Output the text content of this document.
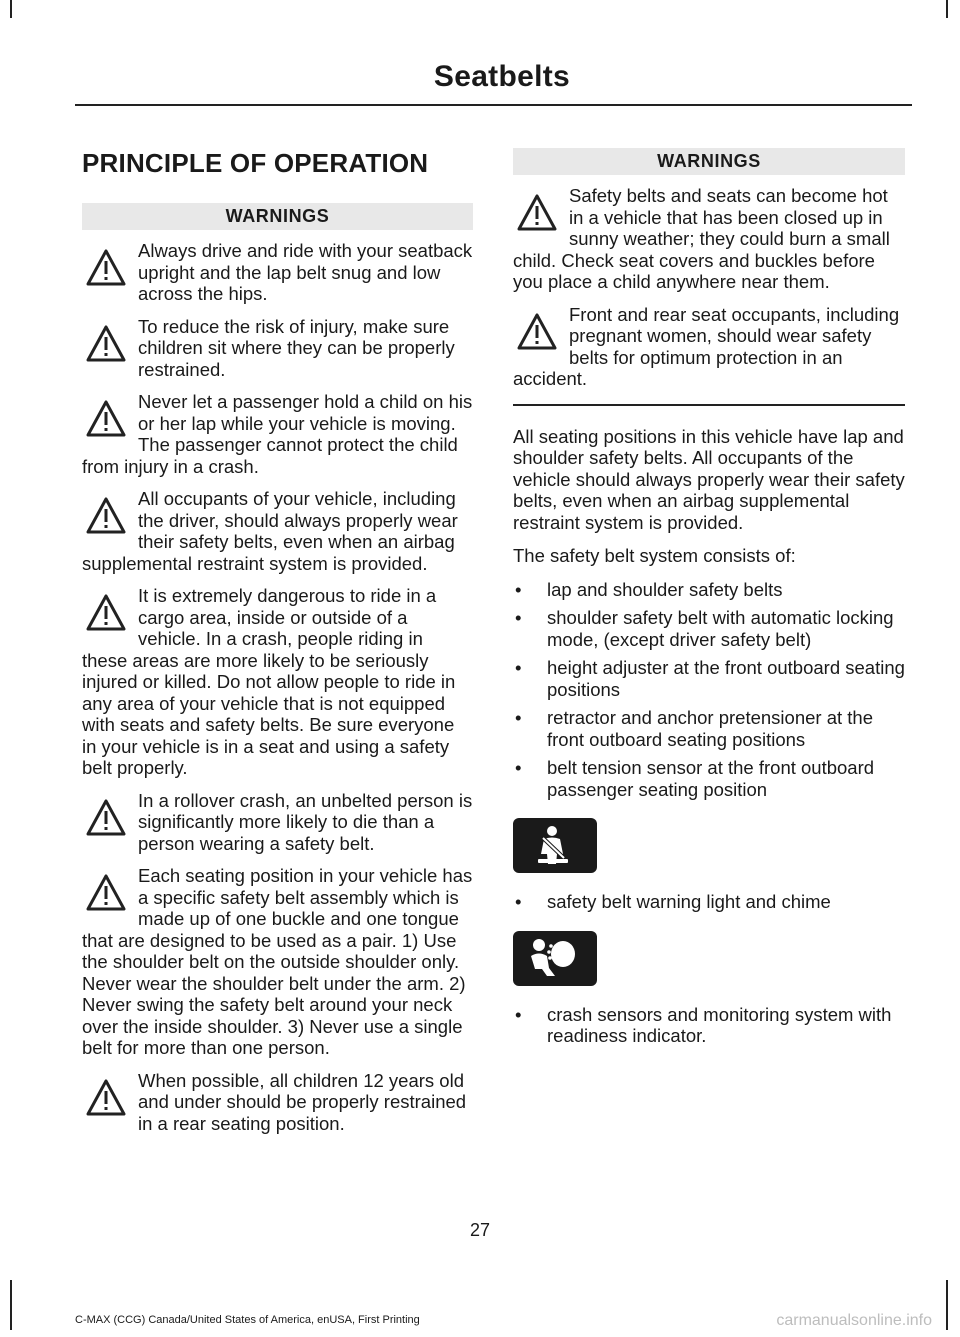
Seatbelts
PRINCIPLE OF OPERATION
WARNINGS
Always drive and ride with your seatback upright and the lap belt snug and low across the hips.
To reduce the risk of injury, make sure children sit where they can be properly restrained.
Never let a passenger hold a child on his or her lap while your vehicle is moving. The passenger cannot protect the child from injury in a crash.
All occupants of your vehicle, including the driver, should always properly wear their safety belts, even when an airbag supplemental restraint system is provided.
It is extremely dangerous to ride in a cargo area, inside or outside of a vehicle. In a crash, people riding in these areas are more likely to be seriously injured or killed. Do not allow people to ride in any area of your vehicle that is not equipped with seats and safety belts. Be sure everyone in your vehicle is in a seat and using a safety belt properly.
In a rollover crash, an unbelted person is significantly more likely to die than a person wearing a safety belt.
Each seating position in your vehicle has a specific safety belt assembly which is made up of one buckle and one tongue that are designed to be used as a pair. 1) Use the shoulder belt on the outside shoulder only. Never wear the shoulder belt under the arm. 2) Never swing the safety belt around your neck over the inside shoulder. 3) Never use a single belt for more than one person.
When possible, all children 12 years old and under should be properly restrained in a rear seating position.
WARNINGS
Safety belts and seats can become hot in a vehicle that has been closed up in sunny weather; they could burn a small child. Check seat covers and buckles before you place a child anywhere near them.
Front and rear seat occupants, including pregnant women, should wear safety belts for optimum protection in an accident.

All seating positions in this vehicle have lap and shoulder safety belts. All occupants of the vehicle should always properly wear their safety belts, even when an airbag supplemental restraint system is provided.

The safety belt system consists of:

• lap and shoulder safety belts
• shoulder safety belt with automatic locking mode, (except driver safety belt)
• height adjuster at the front outboard seating positions
• retractor and anchor pretensioner at the front outboard seating positions
• belt tension sensor at the front outboard passenger seating position
• safety belt warning light and chime
• crash sensors and monitoring system with readiness indicator.
27
C-MAX (CCG) Canada/United States of America, enUSA, First Printing	carmanualsonline.info
